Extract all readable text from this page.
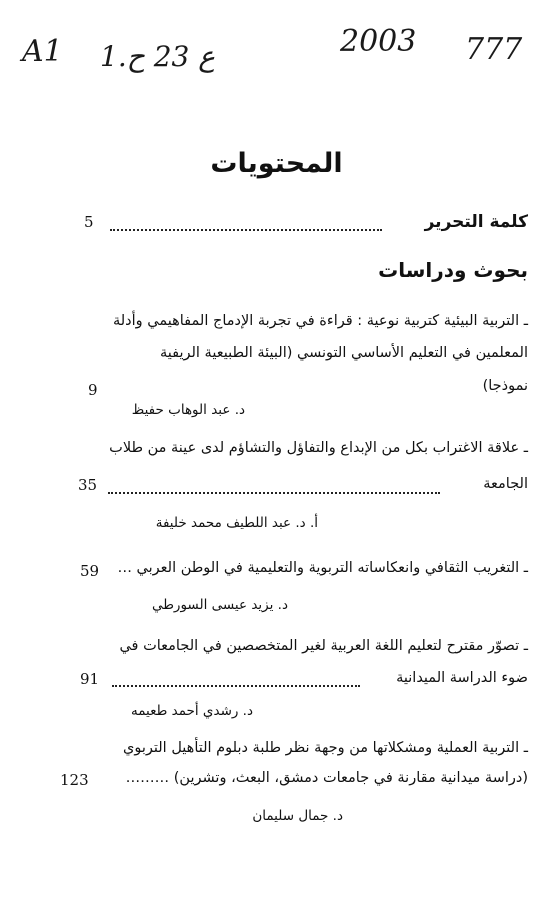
A1 1.ع 23 ح	2003 777
المحتويات
كلمة التحرير
5
بحوث ودراسات
ـ التربية البيئية كتربية نوعية : قراءة في تجربة الإدماج المفاهيمي وأدلة
المعلمين في التعليم الأساسي التونسي (البيئة الطبيعية الريفية
نموذجا)
د. عبد الوهاب حفيظ
9
ـ علاقة الاغتراب بكل من الإبداع والتفاؤل والتشاؤم لدى عينة من طلاب
الجامعة
35
أ. د. عبد اللطيف محمد خليفة
ـ التغريب الثقافي وانعكاساته التربوية والتعليمية في الوطن العربي …
59
د. يزيد عيسى السورطي
ـ تصوّر مقترح لتعليم اللغة العربية لغير المتخصصين في الجامعات في
ضوء الدراسة الميدانية
91
د. رشدي أحمد طعيمه
ـ التربية العملية ومشكلاتها من وجهة نظر طلبة دبلوم التأهيل التربوي
(دراسة ميدانية مقارنة في جامعات دمشق، البعث، وتشرين) ………
123
د. جمال سليمان
